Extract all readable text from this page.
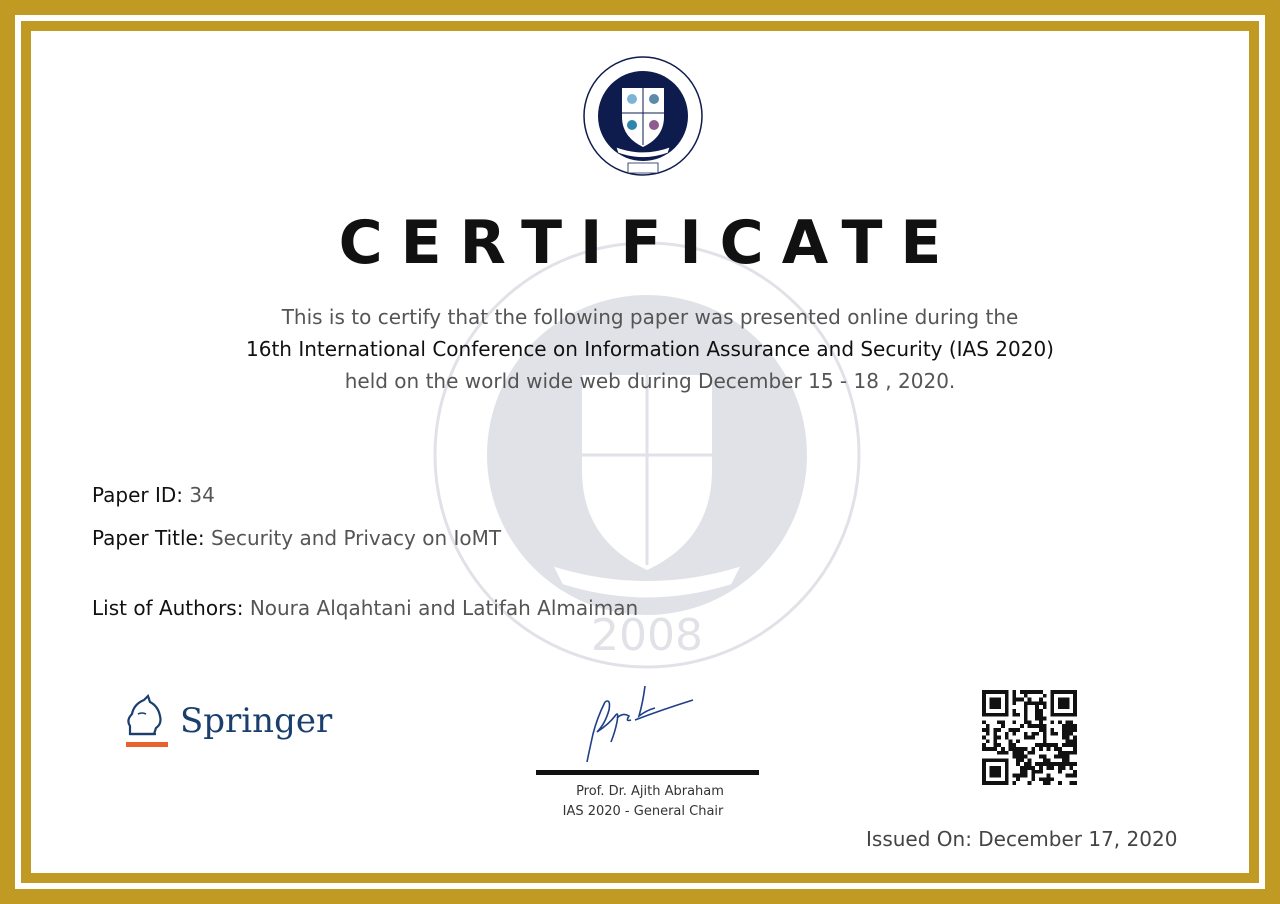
2008
CERTIFICATE
This is to certify that the following paper was presented online during the
16th International Conference on Information Assurance and Security (IAS 2020)
held on the world wide web during December 15 - 18 , 2020.
Paper ID: 34
Paper Title: Security and Privacy on IoMT
List of Authors: Noura Alqahtani and Latifah Almaiman
Springer
Prof. Dr. Ajith Abraham
IAS 2020 - General Chair
Issued On: December 17, 2020
